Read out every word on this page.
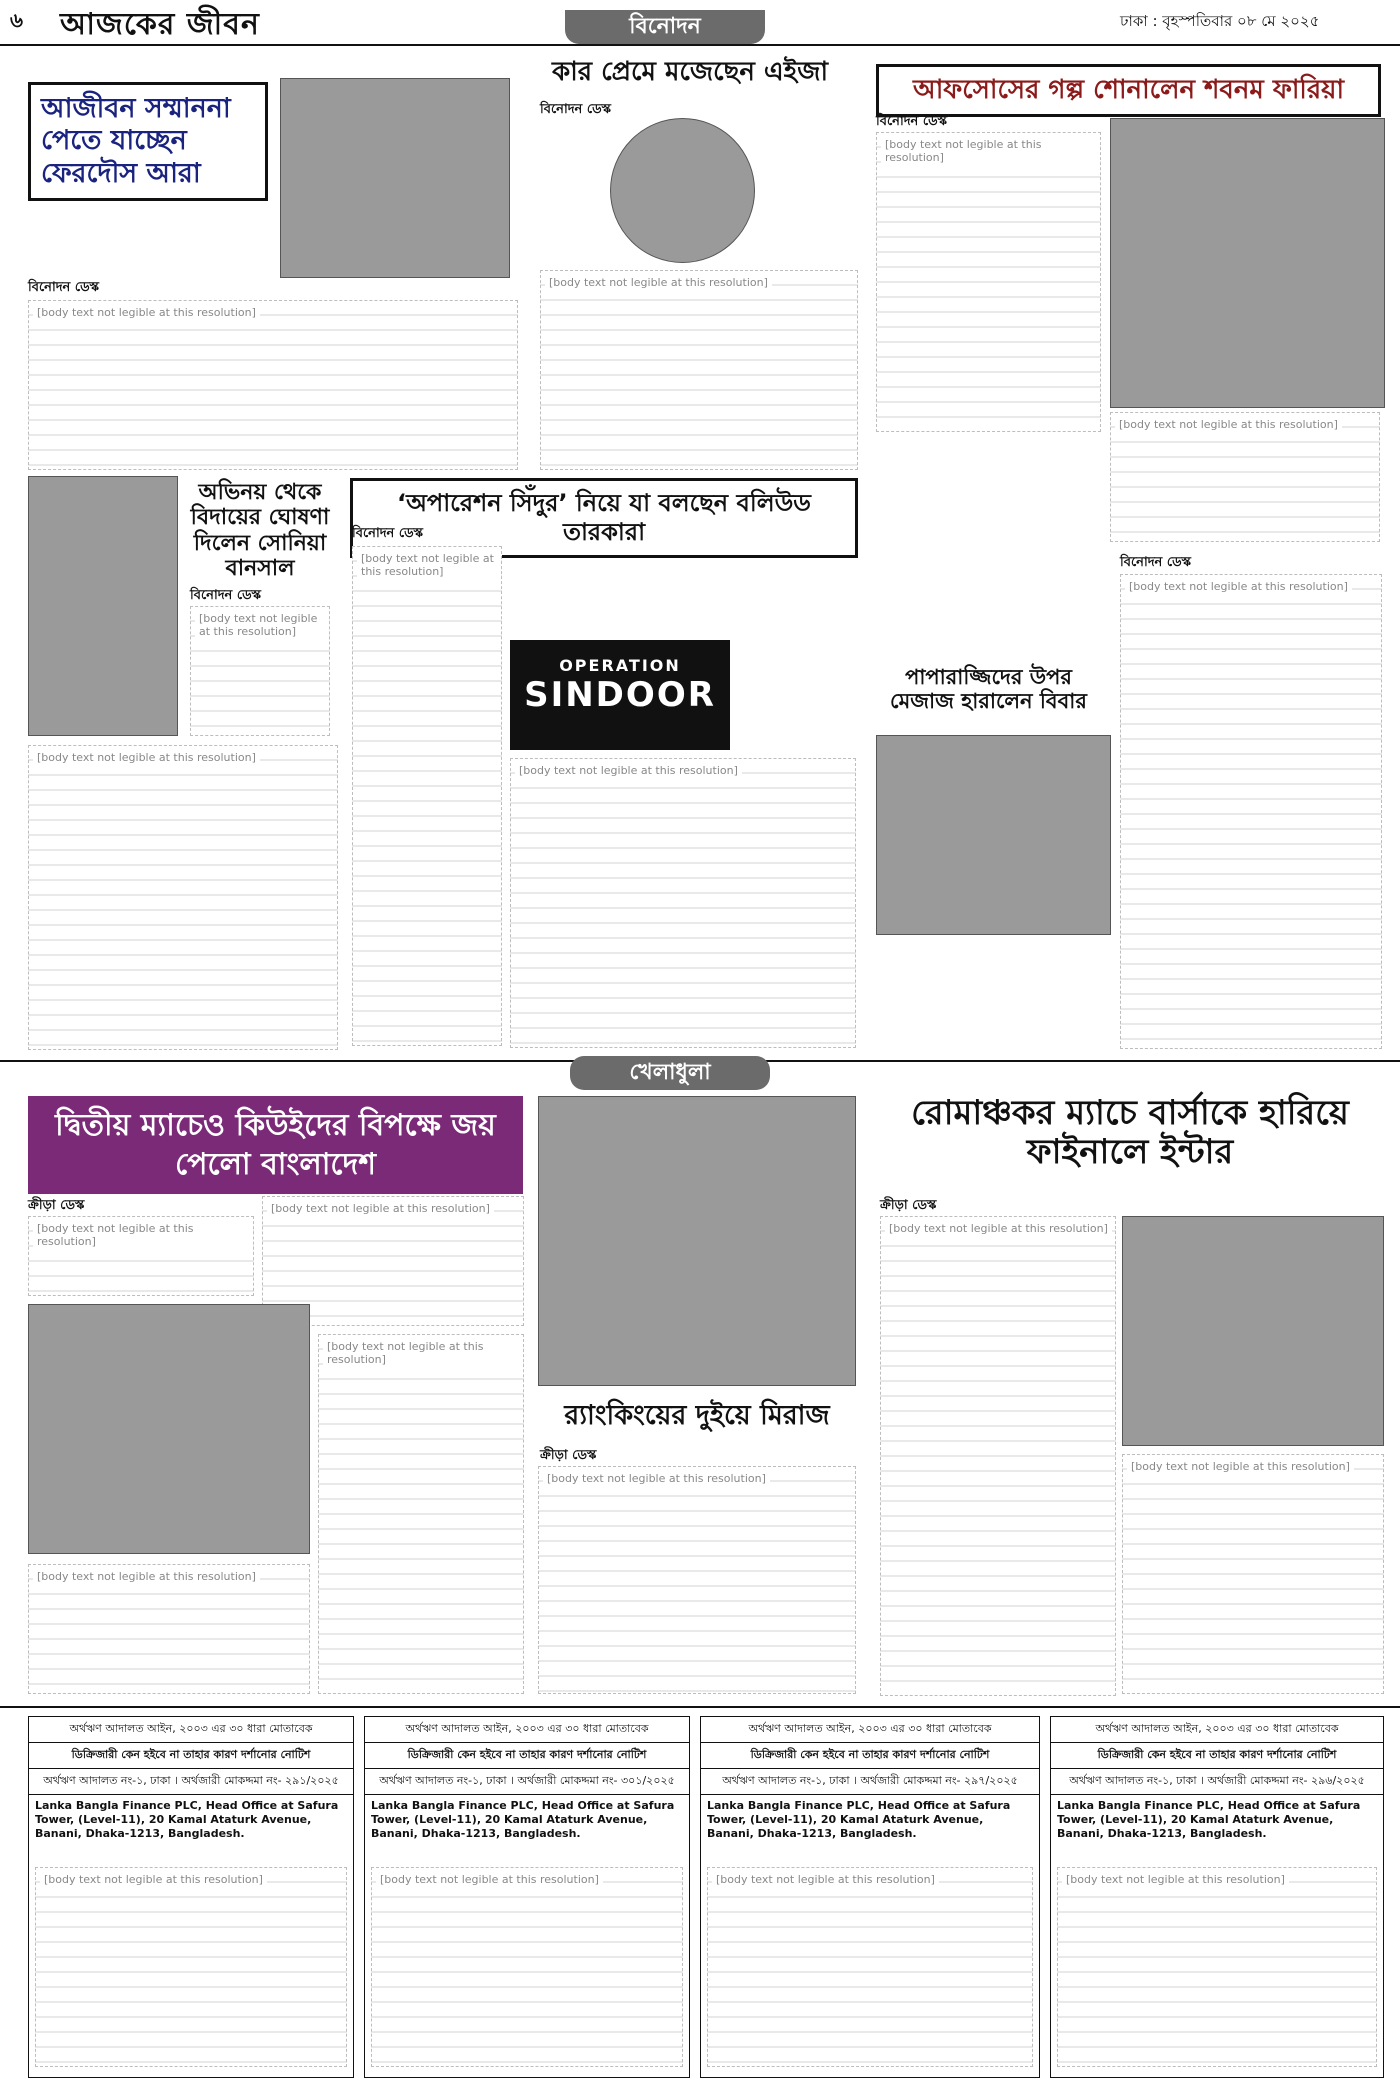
৬ আজকের জীবন	ঢাকা : বৃহস্পতিবার ০৮ মে ২০২৫
বিনোদন
আজীবন সম্মাননা পেতে যাচ্ছেন ফেরদৌস আরা
বিনোদন ডেস্ক
[body text not legible at this resolution]
কার প্রেমে মজেছেন এইজা
বিনোদন ডেস্ক
[body text not legible at this resolution]
আফসোসের গল্প শোনালেন শবনম ফারিয়া
বিনোদন ডেস্ক
[body text not legible at this resolution]
[body text not legible at this resolution]
অভিনয় থেকে বিদায়ের ঘোষণা দিলেন সোনিয়া বানসাল
বিনোদন ডেস্ক
[body text not legible at this resolution]
[body text not legible at this resolution]
‘অপারেশন সিঁদুর’ নিয়ে যা বলছেন বলিউড তারকারা
বিনোদন ডেস্ক
OPERATION
SINDOOR
[body text not legible at this resolution]
[body text not legible at this resolution]
বিনোদন ডেস্ক
পাপারাজ্জিদের উপর মেজাজ হারালেন বিবার
[body text not legible at this resolution]
খেলাধুলা
দ্বিতীয় ম্যাচেও কিউইদের বিপক্ষে জয় পেলো বাংলাদেশ
ক্রীড়া ডেস্ক
[body text not legible at this resolution]
[body text not legible at this resolution]
[body text not legible at this resolution]
[body text not legible at this resolution]
র‌্যাংকিংয়ের দুইয়ে মিরাজ
ক্রীড়া ডেস্ক
[body text not legible at this resolution]
রোমাঞ্চকর ম্যাচে বার্সাকে হারিয়ে ফাইনালে ইন্টার
ক্রীড়া ডেস্ক
[body text not legible at this resolution]
[body text not legible at this resolution]
অর্থঋণ আদালত আইন, ২০০৩ এর ৩০ ধারা মোতাবেক
ডিক্রিজারী কেন হইবে না তাহার কারণ দর্শানোর নোটিশ
অর্থঋণ আদালত নং-১, ঢাকা । অর্থজারী মোকদ্দমা নং- ২৯১/২০২৫
Lanka Bangla Finance PLC, Head Office at Safura Tower, (Level-11), 20 Kamal Ataturk Avenue, Banani, Dhaka-1213, Bangladesh.
[body text not legible at this resolution]
অর্থঋণ আদালত আইন, ২০০৩ এর ৩০ ধারা মোতাবেক
ডিক্রিজারী কেন হইবে না তাহার কারণ দর্শানোর নোটিশ
অর্থঋণ আদালত নং-১, ঢাকা । অর্থজারী মোকদ্দমা নং- ৩০১/২০২৫
Lanka Bangla Finance PLC, Head Office at Safura Tower, (Level-11), 20 Kamal Ataturk Avenue, Banani, Dhaka-1213, Bangladesh.
[body text not legible at this resolution]
অর্থঋণ আদালত আইন, ২০০৩ এর ৩০ ধারা মোতাবেক
ডিক্রিজারী কেন হইবে না তাহার কারণ দর্শানোর নোটিশ
অর্থঋণ আদালত নং-১, ঢাকা । অর্থজারী মোকদ্দমা নং- ২৯৭/২০২৫
Lanka Bangla Finance PLC, Head Office at Safura Tower, (Level-11), 20 Kamal Ataturk Avenue, Banani, Dhaka-1213, Bangladesh.
[body text not legible at this resolution]
অর্থঋণ আদালত আইন, ২০০৩ এর ৩০ ধারা মোতাবেক
ডিক্রিজারী কেন হইবে না তাহার কারণ দর্শানোর নোটিশ
অর্থঋণ আদালত নং-১, ঢাকা । অর্থজারী মোকদ্দমা নং- ২৯৬/২০২৫
Lanka Bangla Finance PLC, Head Office at Safura Tower, (Level-11), 20 Kamal Ataturk Avenue, Banani, Dhaka-1213, Bangladesh.
[body text not legible at this resolution]
